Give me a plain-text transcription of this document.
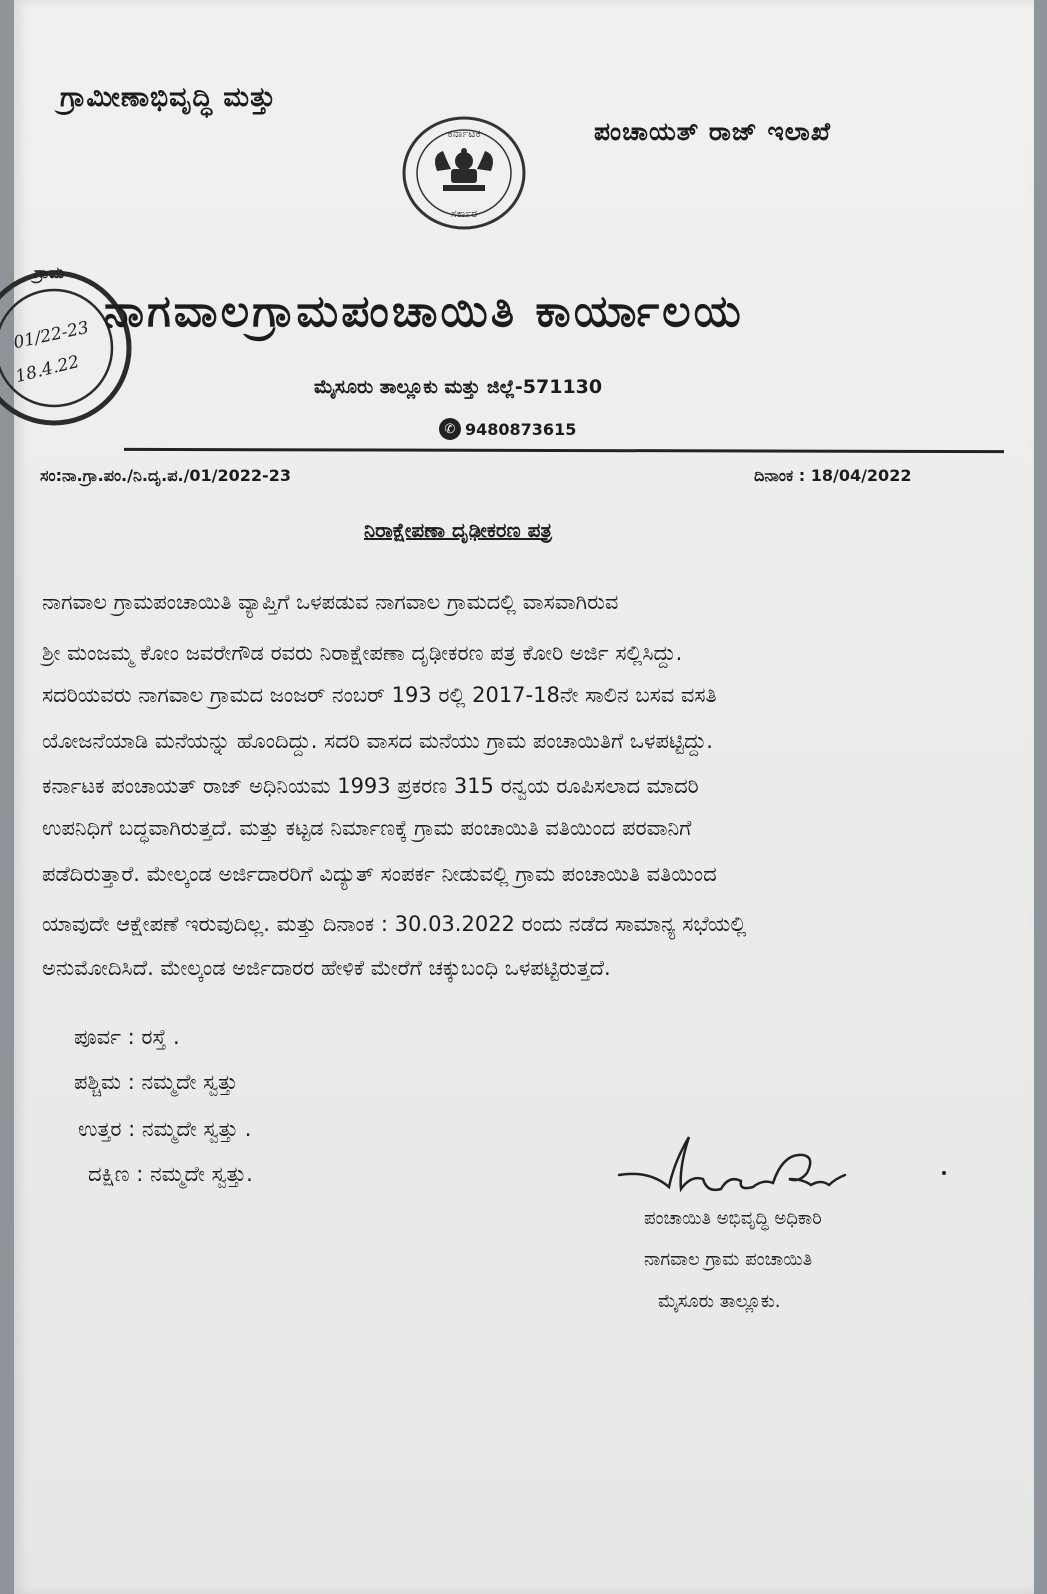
ಗ್ರಾಮೀಣಾಭಿವೃದ್ಧಿ ಮತ್ತು
ಕರ್ನಾಟಕ
ಸರ್ಕಾರ
ಪಂಚಾಯತ್ ರಾಜ್ ಇಲಾಖೆ
ಗ್ರಾಮ
01/22-23
18.4.22
ನಾಗವಾಲಗ್ರಾಮಪಂಚಾಯಿತಿ ಕಾರ್ಯಾಲಯ
ಮೈಸೂರು ತಾಲ್ಲೂಕು ಮತ್ತು ಜಿಲ್ಲೆ-571130
✆ 9480873615
ಸಂ:ನಾ.ಗ್ರಾ.ಪಂ./ನಿ.ದೃ.ಪ./01/2022-23	ದಿನಾಂಕ : 18/04/2022
ನಿರಾಕ್ಷೇಪಣಾ ದೃಢೀಕರಣ ಪತ್ರ
ನಾಗವಾಲ ಗ್ರಾಮಪಂಚಾಯಿತಿ ವ್ಯಾಪ್ತಿಗೆ ಒಳಪಡುವ ನಾಗವಾಲ ಗ್ರಾಮದಲ್ಲಿ ವಾಸವಾಗಿರುವ
ಶ್ರೀ ಮಂಜಮ್ಮ ಕೋಂ ಜವರೇಗೌಡ ರವರು ನಿರಾಕ್ಷೇಪಣಾ ದೃಢೀಕರಣ ಪತ್ರ ಕೋರಿ ಅರ್ಜಿ ಸಲ್ಲಿಸಿದ್ದು.
ಸದರಿಯವರು ನಾಗವಾಲ ಗ್ರಾಮದ ಜಂಜರ್ ನಂಬರ್ 193 ರಲ್ಲಿ 2017-18ನೇ ಸಾಲಿನ ಬಸವ ವಸತಿ
ಯೋಜನೆಯಾಡಿ ಮನೆಯನ್ನು ಹೊಂದಿದ್ದು. ಸದರಿ ವಾಸದ ಮನೆಯು ಗ್ರಾಮ ಪಂಚಾಯಿತಿಗೆ ಒಳಪಟ್ಟಿದ್ದು.
ಕರ್ನಾಟಕ ಪಂಚಾಯತ್ ರಾಜ್ ಅಧಿನಿಯಮ 1993 ಪ್ರಕರಣ 315 ರನ್ವಯ ರೂಪಿಸಲಾದ ಮಾದರಿ
ಉಪನಿಧಿಗೆ ಬದ್ಧವಾಗಿರುತ್ತದೆ. ಮತ್ತು ಕಟ್ಟಡ ನಿರ್ಮಾಣಕ್ಕೆ ಗ್ರಾಮ ಪಂಚಾಯಿತಿ ವತಿಯಿಂದ ಪರವಾನಿಗೆ
ಪಡೆದಿರುತ್ತಾರೆ. ಮೇಲ್ಕಂಡ ಅರ್ಜಿದಾರರಿಗೆ ವಿದ್ಯುತ್ ಸಂಪರ್ಕ ನೀಡುವಲ್ಲಿ ಗ್ರಾಮ ಪಂಚಾಯಿತಿ ವತಿಯಿಂದ
ಯಾವುದೇ ಆಕ್ಷೇಪಣೆ ಇರುವುದಿಲ್ಲ. ಮತ್ತು ದಿನಾಂಕ : 30.03.2022 ರಂದು ನಡೆದ ಸಾಮಾನ್ಯ ಸಭೆಯಲ್ಲಿ
ಅನುಮೋದಿಸಿದೆ. ಮೇಲ್ಕಂಡ ಅರ್ಜಿದಾರರ ಹೇಳಿಕೆ ಮೇರೆಗೆ ಚಕ್ಕುಬಂಧಿ ಒಳಪಟ್ಟಿರುತ್ತದೆ.
ಪೂರ್ವ : ರಸ್ತೆ .
ಪಶ್ಚಿಮ : ನಮ್ಮದೇ ಸ್ವತ್ತು
ಉತ್ತರ : ನಮ್ಮದೇ ಸ್ವತ್ತು .
ದಕ್ಷಿಣ : ನಮ್ಮದೇ ಸ್ವತ್ತು.
ಪಂಚಾಯಿತಿ ಅಭಿವೃದ್ಧಿ ಅಧಿಕಾರಿ
ನಾಗವಾಲ ಗ್ರಾಮ ಪಂಚಾಯಿತಿ
ಮೈಸೂರು ತಾಲ್ಲೂಕು.
